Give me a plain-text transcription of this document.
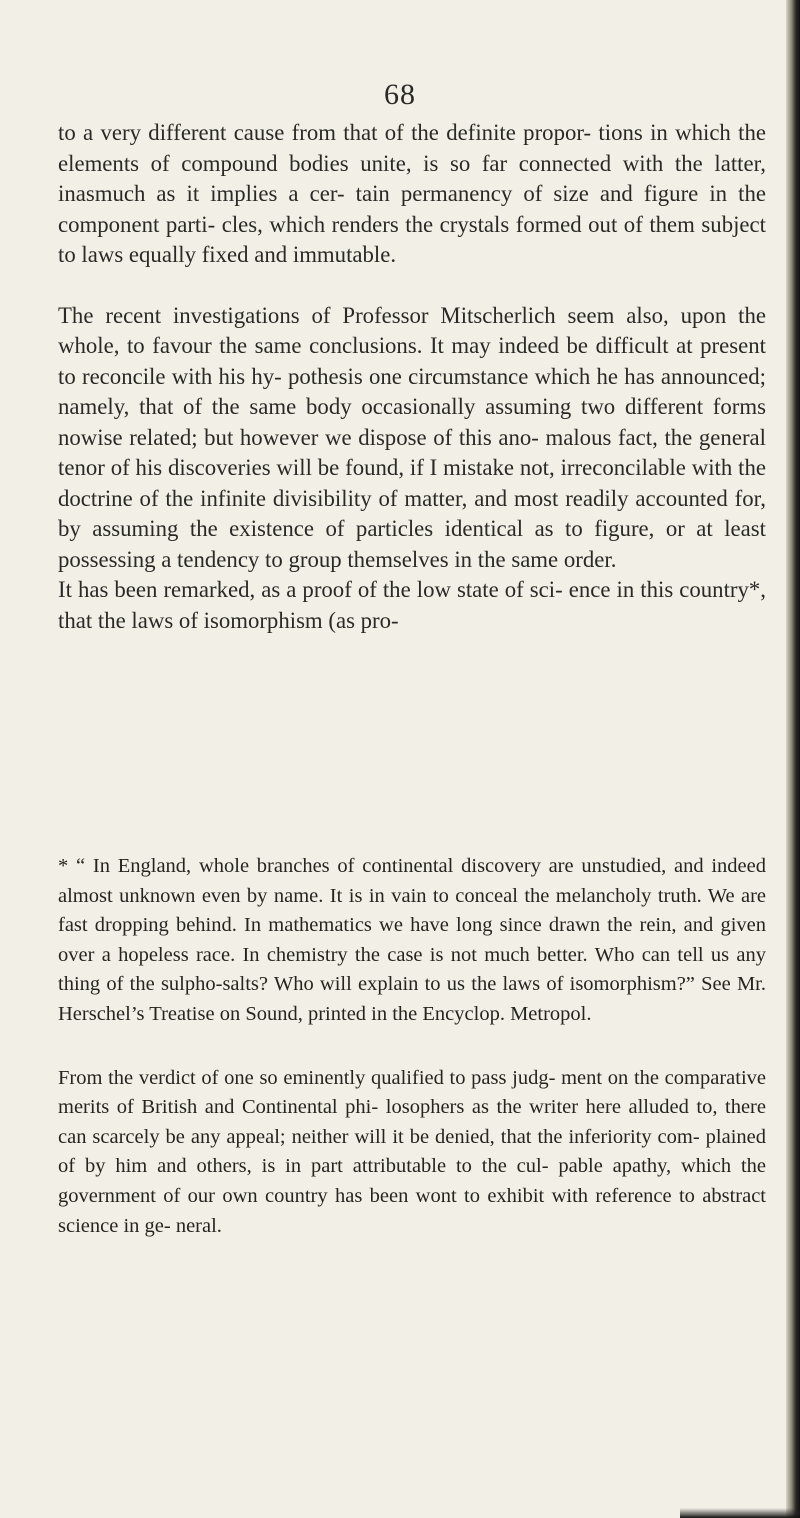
68

to a very different cause from that of the definite propor- tions in which the elements of compound bodies unite, is so far connected with the latter, inasmuch as it implies a cer- tain permanency of size and figure in the component parti- cles, which renders the crystals formed out of them subject to laws equally fixed and immutable.

The recent investigations of Professor Mitscherlich seem also, upon the whole, to favour the same conclusions. It may indeed be difficult at present to reconcile with his hy- pothesis one circumstance which he has announced; namely, that of the same body occasionally assuming two different forms nowise related; but however we dispose of this ano- malous fact, the general tenor of his discoveries will be found, if I mistake not, irreconcilable with the doctrine of the infinite divisibility of matter, and most readily accounted for, by assuming the existence of particles identical as to figure, or at least possessing a tendency to group themselves in the same order.

It has been remarked, as a proof of the low state of sci- ence in this country*, that the laws of isomorphism (as pro-

* “ In England, whole branches of continental discovery are unstudied, and indeed almost unknown even by name. It is in vain to conceal the melancholy truth. We are fast dropping behind. In mathematics we have long since drawn the rein, and given over a hopeless race. In chemistry the case is not much better. Who can tell us any thing of the sulpho-salts? Who will explain to us the laws of isomorphism?” See Mr. Herschel’s Treatise on Sound, printed in the Encyclop. Metropol.

From the verdict of one so eminently qualified to pass judg- ment on the comparative merits of British and Continental phi- losophers as the writer here alluded to, there can scarcely be any appeal; neither will it be denied, that the inferiority com- plained of by him and others, is in part attributable to the cul- pable apathy, which the government of our own country has been wont to exhibit with reference to abstract science in ge- neral.
